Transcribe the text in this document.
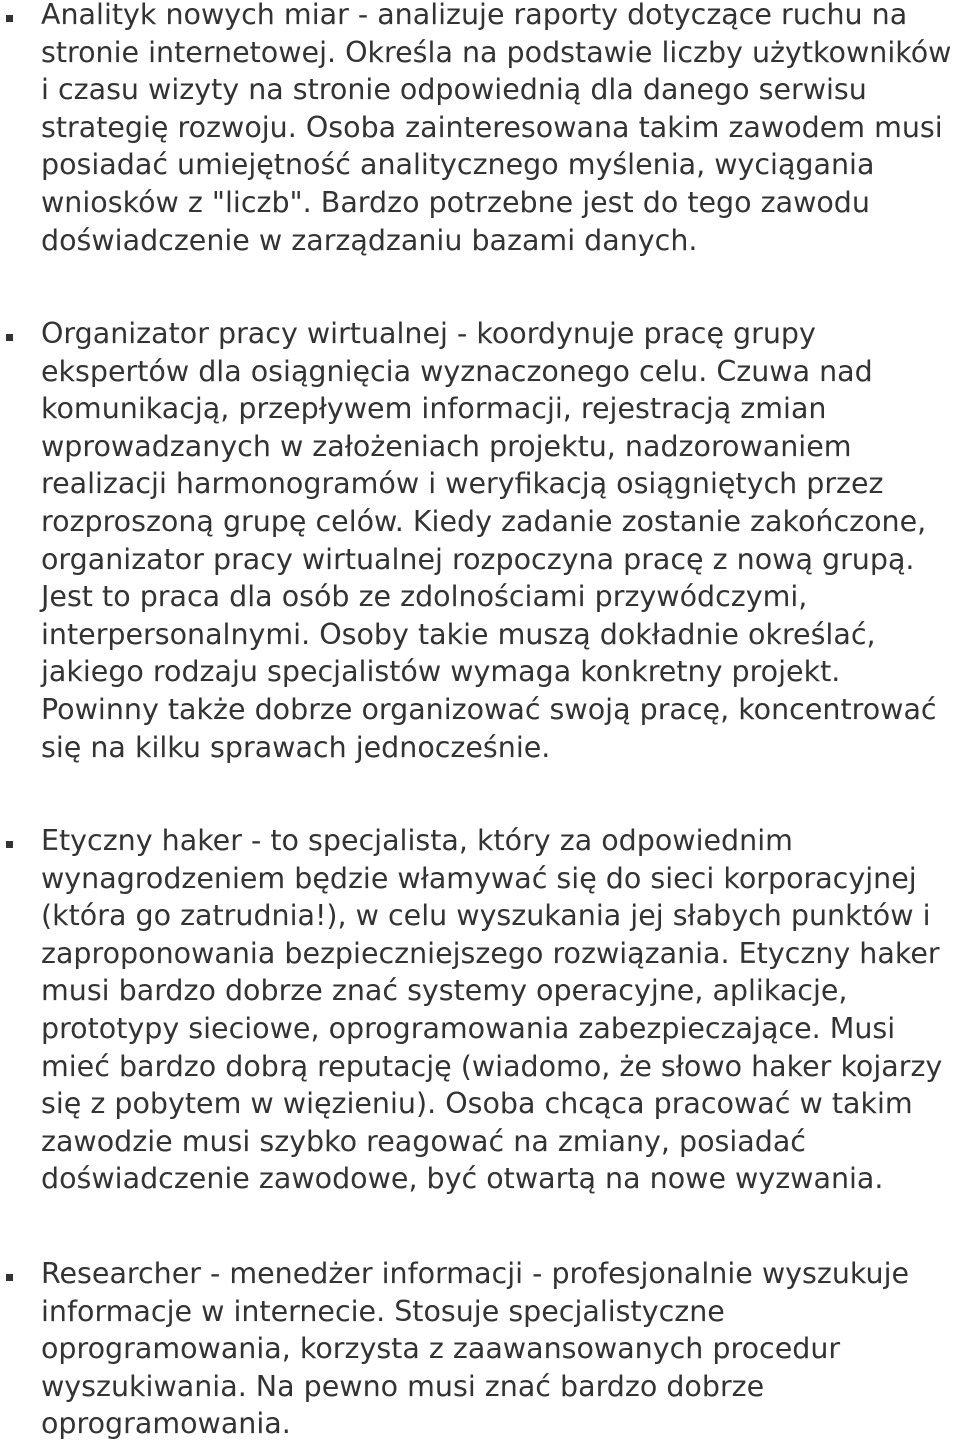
Analityk nowych miar - analizuje raporty dotyczące ruchu na stronie internetowej. Określa na podstawie liczby użytkowników i czasu wizyty na stronie odpowiednią dla danego serwisu strategię rozwoju. Osoba zainteresowana takim zawodem musi posiadać umiejętność analitycznego myślenia, wyciągania wniosków z "liczb". Bardzo potrzebne jest do tego zawodu doświadczenie w zarządzaniu bazami danych.

Organizator pracy wirtualnej - koordynuje pracę grupy ekspertów dla osiągnięcia wyznaczonego celu. Czuwa nad komunikacją, przepływem informacji, rejestracją zmian wprowadzanych w założeniach projektu, nadzorowaniem realizacji harmonogramów i weryfikacją osiągniętych przez rozproszoną grupę celów. Kiedy zadanie zostanie zakończone, organizator pracy wirtualnej rozpoczyna pracę z nową grupą. Jest to praca dla osób ze zdolnościami przywódczymi, interpersonalnymi. Osoby takie muszą dokładnie określać, jakiego rodzaju specjalistów wymaga konkretny projekt. Powinny także dobrze organizować swoją pracę, koncentrować się na kilku sprawach jednocześnie.

Etyczny haker - to specjalista, który za odpowiednim wynagrodzeniem będzie włamywać się do sieci korporacyjnej (która go zatrudnia!), w celu wyszukania jej słabych punktów i zaproponowania bezpieczniejszego rozwiązania. Etyczny haker musi bardzo dobrze znać systemy operacyjne, aplikacje, prototypy sieciowe, oprogramowania zabezpieczające. Musi mieć bardzo dobrą reputację (wiadomo, że słowo haker kojarzy się z pobytem w więzieniu). Osoba chcąca pracować w takim zawodzie musi szybko reagować na zmiany, posiadać doświadczenie zawodowe, być otwartą na nowe wyzwania.

Researcher - menedżer informacji - profesjonalnie wyszukuje informacje w internecie. Stosuje specjalistyczne oprogramowania, korzysta z zaawansowanych procedur wyszukiwania. Na pewno musi znać bardzo dobrze oprogramowania.
